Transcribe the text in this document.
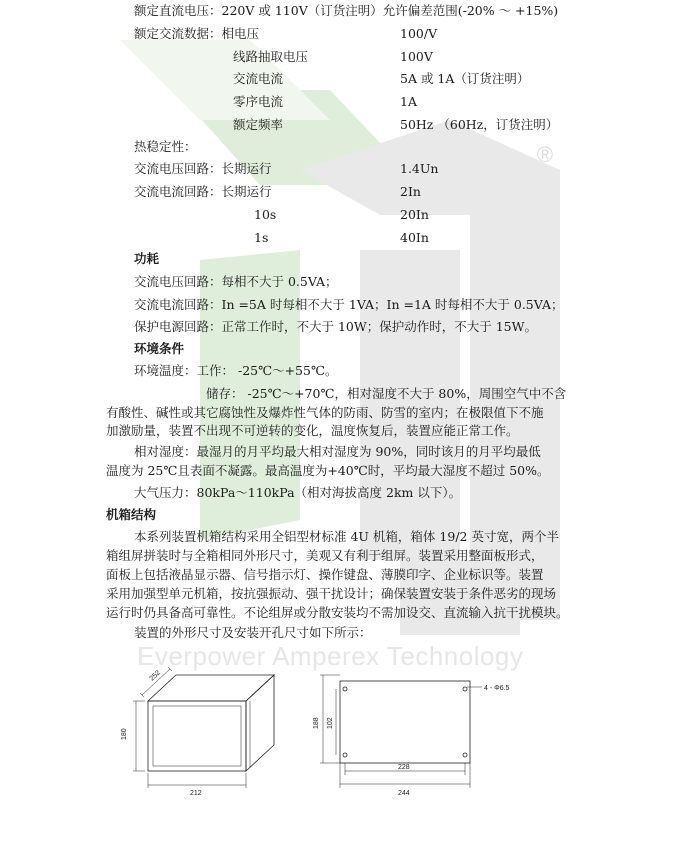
®
Everpower Amperex Technology
额定直流电压：220V 或 110V（订货注明）允许偏差范围(-20% ～ +15%)
额定交流数据：相电压	100/V
线路抽取电压	100V
交流电流	5A 或 1A（订货注明）
零序电流	1A
额定频率	50Hz （60Hz，订货注明）
热稳定性：
交流电压回路：长期运行	1.4Un
交流电流回路：长期运行	2In
10s	20In
1s	40In
功耗
交流电压回路：每相不大于 0.5VA；
交流电流回路：In =5A 时每相不大于 1VA；In =1A 时每相不大于 0.5VA；
保护电源回路：正常工作时，不大于 10W；保护动作时，不大于 15W。
环境条件
环境温度：工作： -25℃～+55℃。
储存： -25℃～+70℃，相对湿度不大于 80%，周围空气中不含
有酸性、碱性或其它腐蚀性及爆炸性气体的防雨、防雪的室内；在极限值下不施
加激励量，装置不出现不可逆转的变化，温度恢复后，装置应能正常工作。
相对湿度：最湿月的月平均最大相对湿度为 90%，同时该月的月平均最低
温度为 25℃且表面不凝露。最高温度为+40℃时，平均最大湿度不超过 50%。
大气压力：80kPa～110kPa（相对海拔高度 2km 以下）。
机箱结构
本系列装置机箱结构采用全铝型材标准 4U 机箱，箱体 19/2 英寸宽，两个半
箱组屏拼装时与全箱相同外形尺寸，美观又有利于组屏。装置采用整面板形式，
面板上包括液晶显示器、信号指示灯、操作键盘、薄膜印字、企业标识等。装置
采用加强型单元机箱，按抗强振动、强干扰设计；确保装置安装于条件恶劣的现场
运行时仍具备高可靠性。不论组屏或分散安装均不需加设交、直流输入抗干扰模块。
装置的外形尺寸及安装开孔尺寸如下所示：
252
180
212
4 - Φ6.5
188 102
228
244
